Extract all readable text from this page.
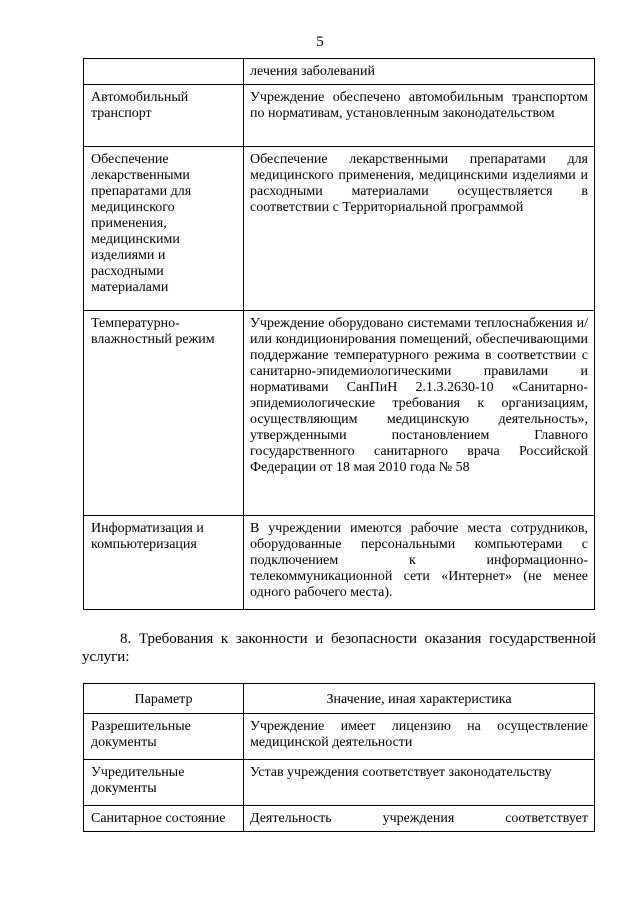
5
	лечения заболеваний
Автомобильный транспорт	Учреждение обеспечено автомобильным транспортом по нормативам, установленным законодательством
Обеспечение лекарственными препаратами для медицинского применения, медицинскими изделиями и расходными материалами	Обеспечение лекарственными препаратами для медицинского применения, медицинскими изделиями и расходными материалами осуществляется в соответствии с Территориальной программой
Температурно-влажностный режим	Учреждение оборудовано системами теплоснабжения и/или кондиционирования помещений, обеспечивающими поддержание температурного режима в соответствии с санитарно-эпидемиологическими правилами и нормативами СанПиН 2.1.3.2630-10 «Санитарно-эпидемиологические требования к организациям, осуществляющим медицинскую деятельность», утвержденными постановлением Главного государственного санитарного врача Российской Федерации от 18 мая 2010 года № 58
Информатизация и компьютеризация	В учреждении имеются рабочие места сотрудников, оборудованные персональными компьютерами с подключением к информационно-телекоммуникационной сети «Интернет» (не менее одного рабочего места).
8. Требования к законности и безопасности оказания государственной услуги:
Параметр	Значение, иная характеристика
Разрешительные документы	Учреждение имеет лицензию на осуществление медицинской деятельности
Учредительные документы	Устав учреждения соответствует законодательству
Санитарное состояние	Деятельность учреждения соответствует
